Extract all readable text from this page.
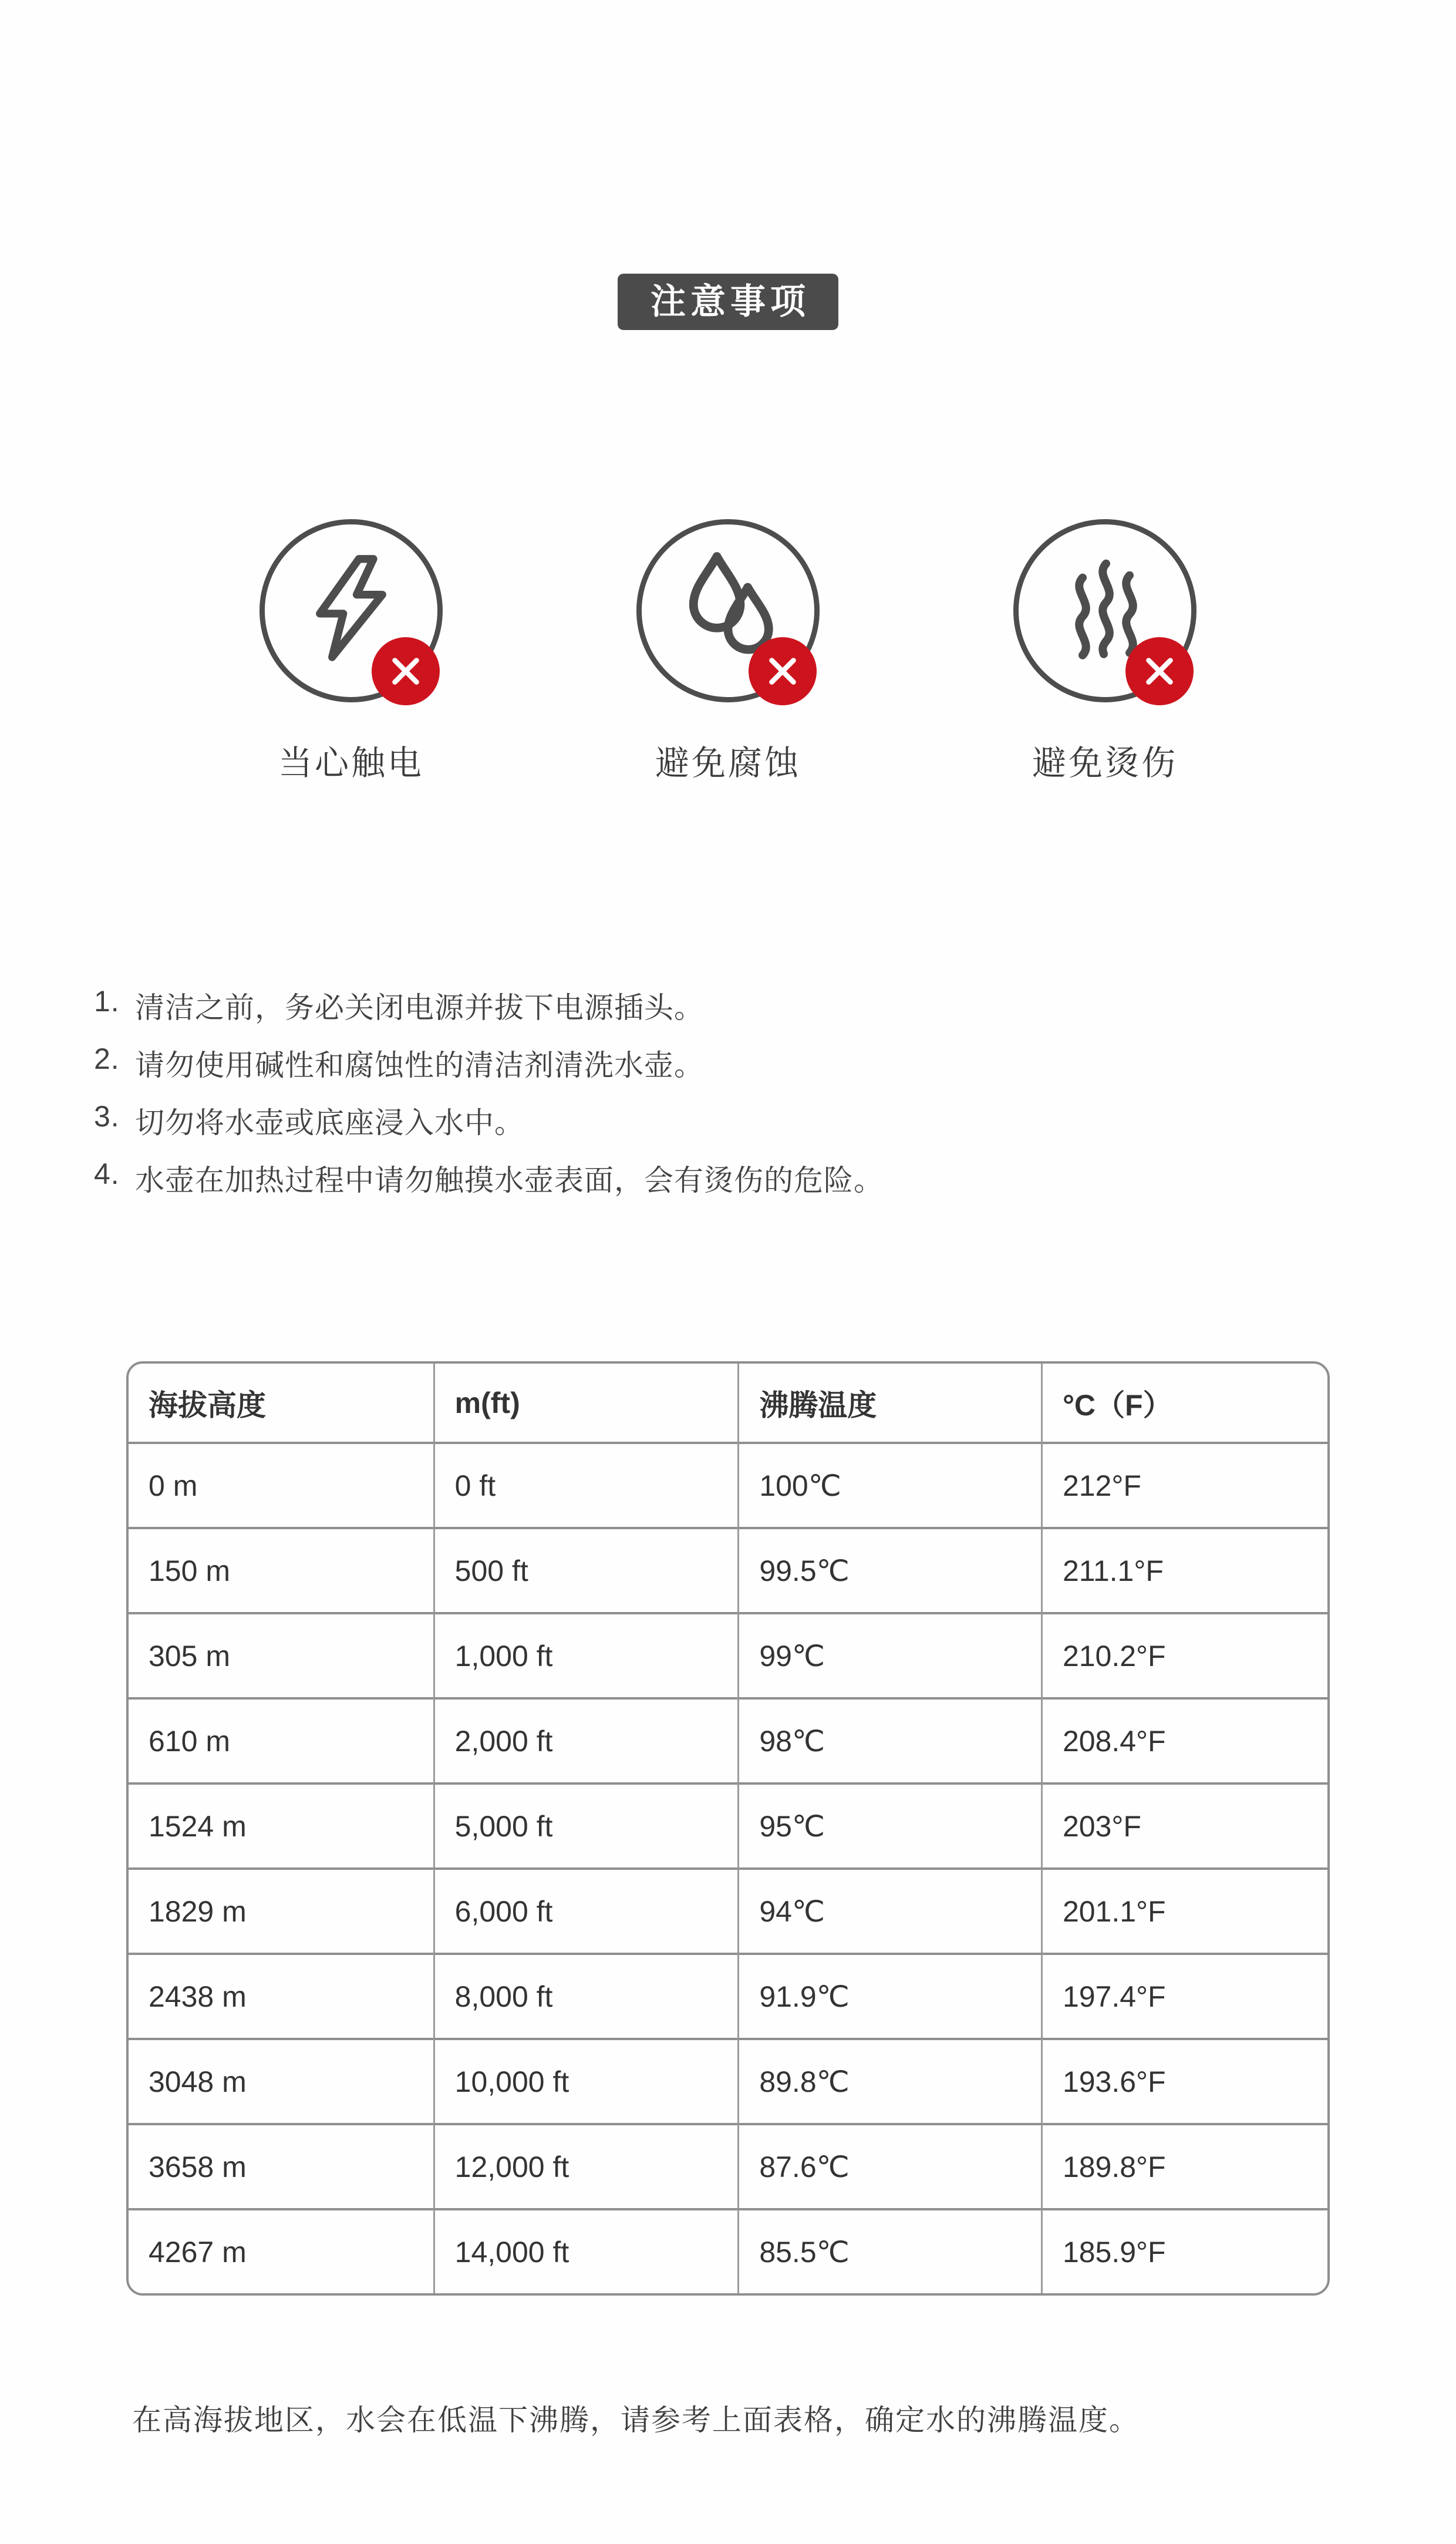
注意事项
当心触电	避免腐蚀	避免烫伤
1. 清洁之前，务必关闭电源并拔下电源插头。
2. 请勿使用碱性和腐蚀性的清洁剂清洗水壶。
3. 切勿将水壶或底座浸入水中。
4. 水壶在加热过程中请勿触摸水壶表面，会有烫伤的危险。
海拔高度	m(ft)	沸腾温度	°C（F）
0 m	0 ft	100℃	212°F
150 m	500 ft	99.5℃	211.1°F
305 m	1,000 ft	99℃	210.2°F
610 m	2,000 ft	98℃	208.4°F
1524 m	5,000 ft	95℃	203°F
1829 m	6,000 ft	94℃	201.1°F
2438 m	8,000 ft	91.9℃	197.4°F
3048 m	10,000 ft	89.8℃	193.6°F
3658 m	12,000 ft	87.6℃	189.8°F
4267 m	14,000 ft	85.5℃	185.9°F
在高海拔地区，水会在低温下沸腾，请参考上面表格，确定水的沸腾温度。
